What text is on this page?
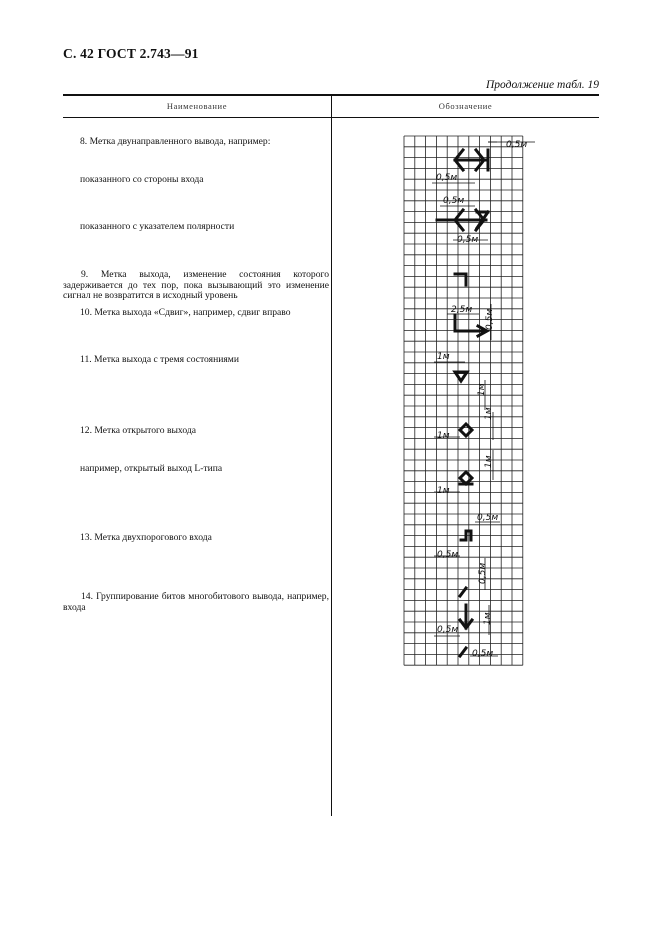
С. 42 ГОСТ 2.743—91
Продолжение табл. 19
Наименование	Обозначение
8. Метка двунаправленного вывода, например:
показанного со стороны входа
показанного с указателем полярности
9. Метка выхода, изменение состояния которого задерживается до тех пор, пока вызывающий это изменение сигнал не возвратится в исходный уровень
10. Метка выхода «Сдвиг», например, сдвиг вправо
11. Метка выхода с тремя состояниями
12. Метка открытого выхода
например, открытый выход L-типа
13. Метка двухпорогового входа
14. Группирование битов многобитового вывода, например, входа
0,5м
0,5м
0,5м
0,5м
2,5м
1м
1м
1м
0,5м
0,5м
0,5м
0,5м
0,5м
1м
1м
1м
0,5м
1м
